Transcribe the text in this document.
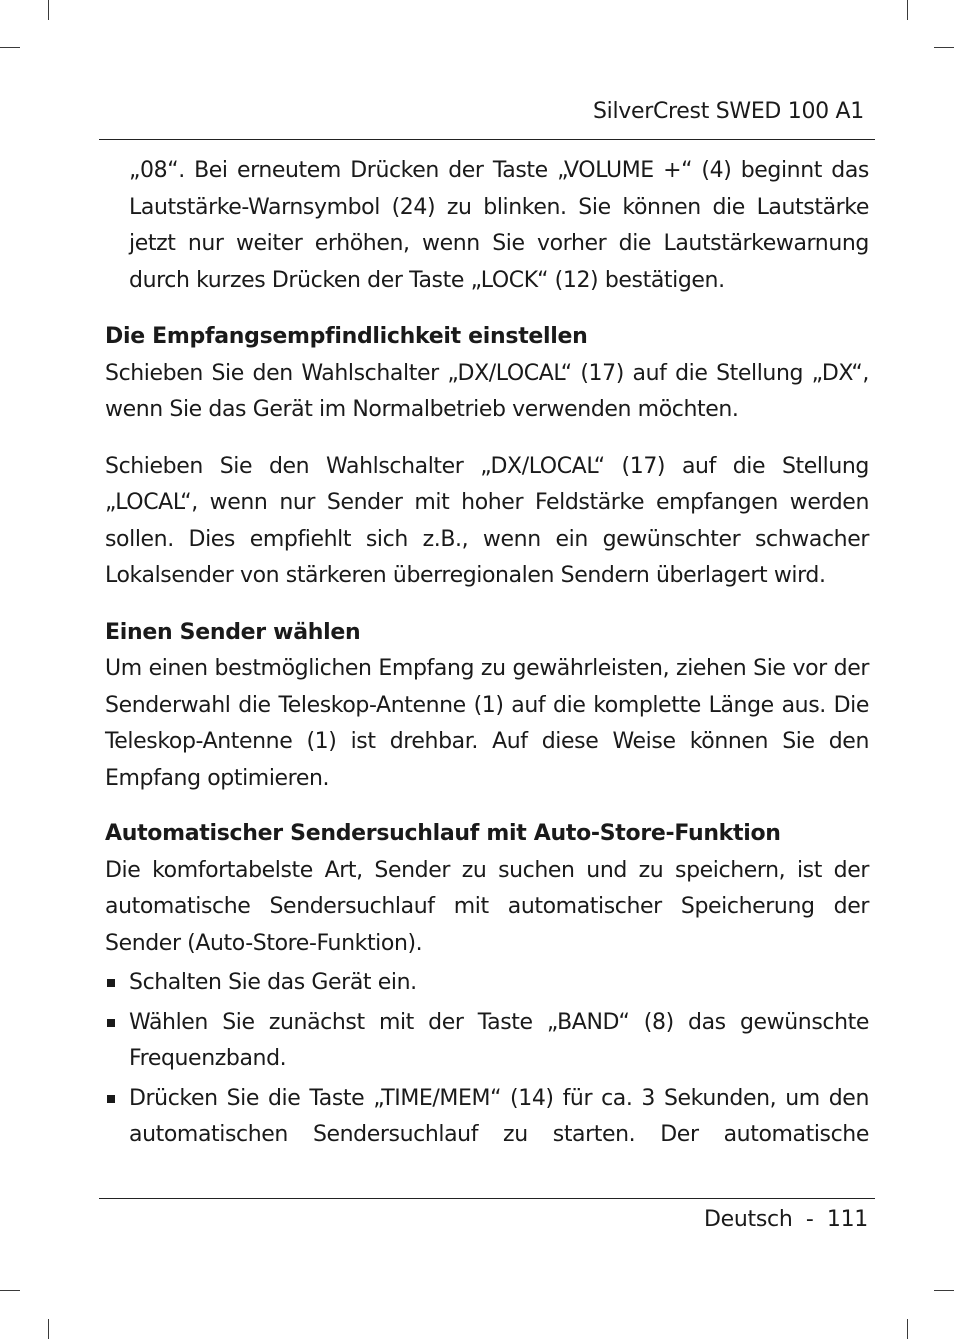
SilverCrest SWED 100 A1

„08“. Bei erneutem Drücken der Taste „VOLUME +“ (4) beginnt das Lautstärke-Warnsymbol (24) zu blinken. Sie können die Lautstärke jetzt nur weiter erhöhen, wenn Sie vorher die Lautstärkewarnung durch kurzes Drücken der Taste „LOCK“ (12) bestätigen.

Die Empfangsempfindlichkeit einstellen

Schieben Sie den Wahlschalter „DX/LOCAL“ (17) auf die Stellung „DX“, wenn Sie das Gerät im Normalbetrieb verwenden möchten.

Schieben Sie den Wahlschalter „DX/LOCAL“ (17) auf die Stellung „LOCAL“, wenn nur Sender mit hoher Feldstärke empfangen werden sollen. Dies empfiehlt sich z.B., wenn ein gewünschter schwacher Lokalsender von stärkeren überregionalen Sendern überlagert wird.

Einen Sender wählen

Um einen bestmöglichen Empfang zu gewährleisten, ziehen Sie vor der Senderwahl die Teleskop-Antenne (1) auf die komplette Länge aus. Die Teleskop-Antenne (1) ist drehbar. Auf diese Weise können Sie den Empfang optimieren.

Automatischer Sendersuchlauf mit Auto-Store-Funktion

Die komfortabelste Art, Sender zu suchen und zu speichern, ist der automatische Sendersuchlauf mit automatischer Speicherung der Sender (Auto-Store-Funktion).

Schalten Sie das Gerät ein.
Wählen Sie zunächst mit der Taste „BAND“ (8) das gewünschte Frequenzband.
Drücken Sie die Taste „TIME/MEM“ (14) für ca. 3 Sekunden, um den automatischen Sendersuchlauf zu starten. Der automatische
Deutsch - 111
